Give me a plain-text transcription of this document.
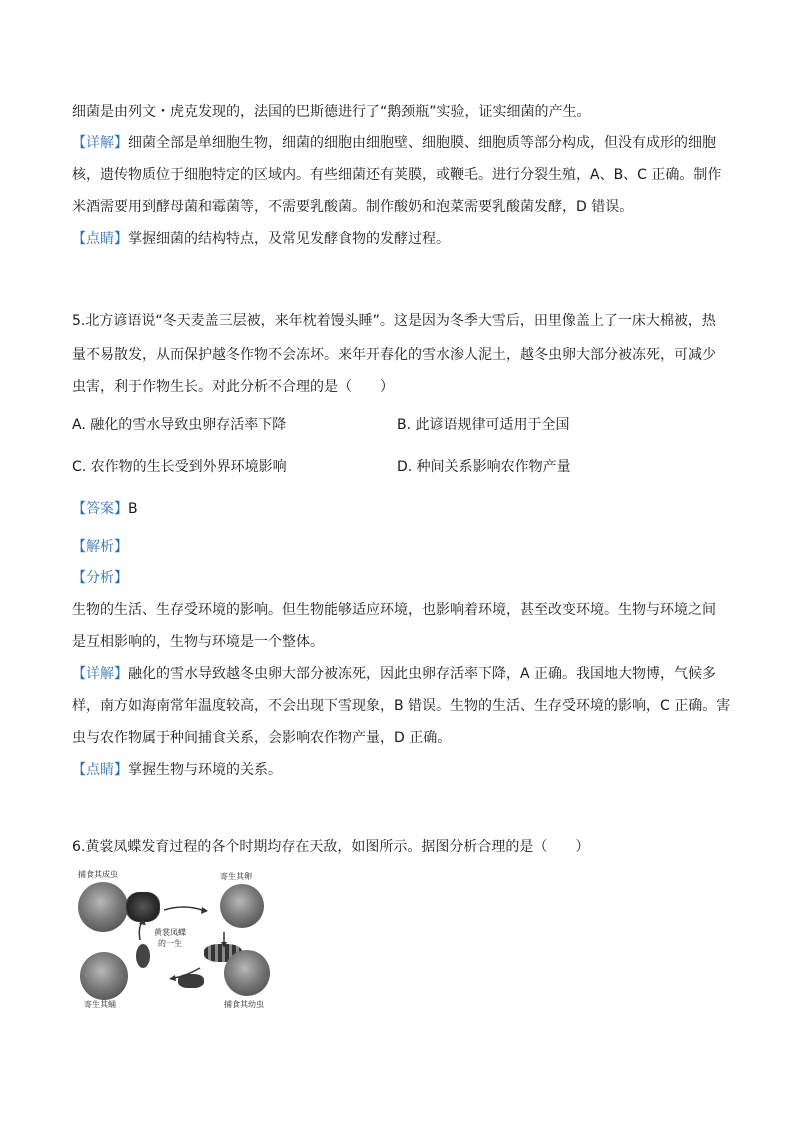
细菌是由列文・虎克发现的，法国的巴斯德进行了“鹅颈瓶”实验，证实细菌的产生。
【详解】细菌全部是单细胞生物，细菌的细胞由细胞壁、细胞膜、细胞质等部分构成，但没有成形的细胞
核，遗传物质位于细胞特定的区域内。有些细菌还有荚膜，或鞭毛。进行分裂生殖，A、B、C 正确。制作
米酒需要用到酵母菌和霉菌等，不需要乳酸菌。制作酸奶和泡菜需要乳酸菌发酵，D 错误。
【点睛】掌握细菌的结构特点，及常见发酵食物的发酵过程。
5.北方谚语说“冬天麦盖三层被，来年枕着馒头睡”。这是因为冬季大雪后，田里像盖上了一床大棉被，热
量不易散发，从而保护越冬作物不会冻坏。来年开春化的雪水渗人泥土，越冬虫卵大部分被冻死，可减少
虫害，利于作物生长。对此分析不合理的是（　　）
A. 融化的雪水导致虫卵存活率下降	B. 此谚语规律可适用于全国
C. 农作物的生长受到外界环境影响	D. 种间关系影响农作物产量
【答案】B
【解析】
【分析】
生物的生活、生存受环境的影响。但生物能够适应环境，也影响着环境，甚至改变环境。生物与环境之间
是互相影响的，生物与环境是一个整体。
【详解】融化的雪水导致越冬虫卵大部分被冻死，因此虫卵存活率下降，A 正确。我国地大物博，气候多
样，南方如海南常年温度较高，不会出现下雪现象，B 错误。生物的生活、生存受环境的影响，C 正确。害
虫与农作物属于种间捕食关系，会影响农作物产量，D 正确。
【点睛】掌握生物与环境的关系。
6.黄裳凤蝶发育过程的各个时期均存在天敌，如图所示。据图分析合理的是（　　）
捕食其成虫	寄生其卵
黄裳凤蝶
的一生
寄生其蛹	捕食其幼虫
